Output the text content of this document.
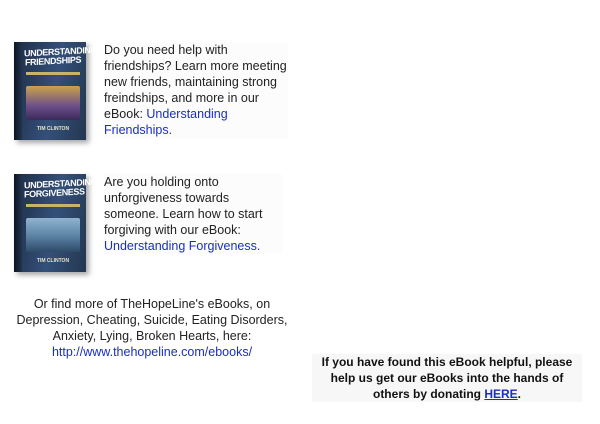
UNDERSTANDING FRIENDSHIPS
TIM CLINTON
Do you need help with friendships? Learn more meeting new friends, maintaining strong freindships, and more in our eBook: Understanding Friendships.
UNDERSTANDING FORGIVENESS
TIM CLINTON
Are you holding onto unforgiveness towards someone. Learn how to start forgiving with our eBook: Understanding Forgiveness.
Or find more of TheHopeLine's eBooks, on Depression, Cheating, Suicide, Eating Disorders, Anxiety, Lying, Broken Hearts, here:
http://www.thehopeline.com/ebooks/
If you have found this eBook helpful, please help us get our eBooks into the hands of others by donating HERE.
